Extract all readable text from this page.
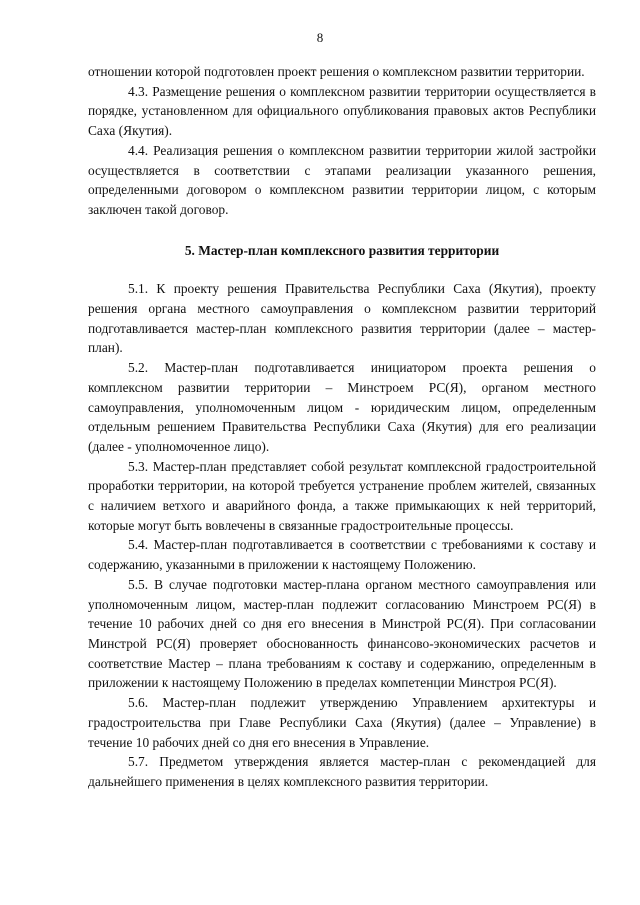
8

отношении которой подготовлен проект решения о комплексном развитии территории.

4.3. Размещение решения о комплексном развитии территории осуществляется в порядке, установленном для официального опубликования правовых актов Республики Саха (Якутия).

4.4. Реализация решения о комплексном развитии территории жилой застройки осуществляется в соответствии с этапами реализации указанного решения, определенными договором о комплексном развитии территории лицом, с которым заключен такой договор.

5. Мастер-план комплексного развития территории

5.1. К проекту решения Правительства Республики Саха (Якутия), проекту решения органа местного самоуправления о комплексном развитии территорий подготавливается мастер-план комплексного развития территории (далее – мастер-план).

5.2. Мастер-план подготавливается инициатором проекта решения о комплексном развитии территории – Минстроем РС(Я), органом местного самоуправления, уполномоченным лицом - юридическим лицом, определенным отдельным решением Правительства Республики Саха (Якутия) для его реализации (далее - уполномоченное лицо).

5.3. Мастер-план представляет собой результат комплексной градостроительной проработки территории, на которой требуется устранение проблем жителей, связанных с наличием ветхого и аварийного фонда, а также примыкающих к ней территорий, которые могут быть вовлечены в связанные градостроительные процессы.

5.4. Мастер-план подготавливается в соответствии с требованиями к составу и содержанию, указанными в приложении к настоящему Положению.

5.5. В случае подготовки мастер-плана органом местного самоуправления или уполномоченным лицом, мастер-план подлежит согласованию Минстроем РС(Я) в течение 10 рабочих дней со дня его внесения в Минстрой РС(Я). При согласовании Минстрой РС(Я) проверяет обоснованность финансово-экономических расчетов и соответствие Мастер – плана требованиям к составу и содержанию, определенным в приложении к настоящему Положению в пределах компетенции Минстроя РС(Я).

5.6. Мастер-план подлежит утверждению Управлением архитектуры и градостроительства при Главе Республики Саха (Якутия) (далее – Управление) в течение 10 рабочих дней со дня его внесения в Управление.

5.7. Предметом утверждения является мастер-план с рекомендацией для дальнейшего применения в целях комплексного развития территории.
